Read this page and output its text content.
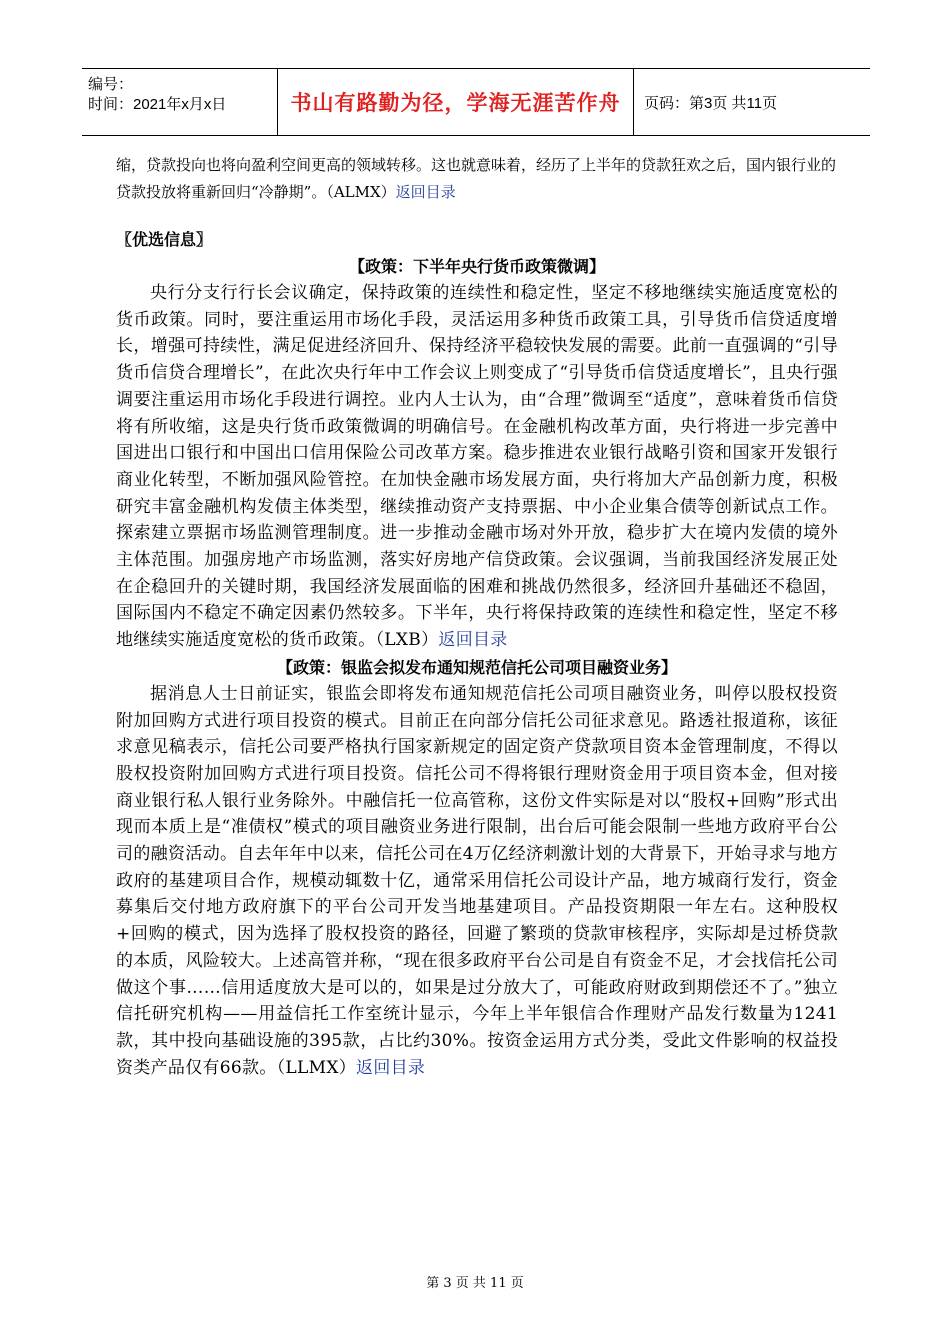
编号：
时间：2021年x月x日	书山有路勤为径，学海无涯苦作舟	页码：第3页 共11页

缩，贷款投向也将向盈利空间更高的领域转移。这也就意味着，经历了上半年的贷款狂欢之后，国内银行业的贷款投放将重新回归“冷静期”。（ALMX）返回目录

〖优选信息〗
【政策：下半年央行货币政策微调】

央行分支行行长会议确定，保持政策的连续性和稳定性，坚定不移地继续实施适度宽松的货币政策。同时，要注重运用市场化手段，灵活运用多种货币政策工具，引导货币信贷适度增长，增强可持续性，满足促进经济回升、保持经济平稳较快发展的需要。此前一直强调的“引导货币信贷合理增长”，在此次央行年中工作会议上则变成了“引导货币信贷适度增长”，且央行强调要注重运用市场化手段进行调控。业内人士认为，由“合理”微调至“适度”，意味着货币信贷将有所收缩，这是央行货币政策微调的明确信号。在金融机构改革方面，央行将进一步完善中国进出口银行和中国出口信用保险公司改革方案。稳步推进农业银行战略引资和国家开发银行商业化转型，不断加强风险管控。在加快金融市场发展方面，央行将加大产品创新力度，积极研究丰富金融机构发债主体类型，继续推动资产支持票据、中小企业集合债等创新试点工作。探索建立票据市场监测管理制度。进一步推动金融市场对外开放，稳步扩大在境内发债的境外主体范围。加强房地产市场监测，落实好房地产信贷政策。会议强调，当前我国经济发展正处在企稳回升的关键时期，我国经济发展面临的困难和挑战仍然很多，经济回升基础还不稳固，国际国内不稳定不确定因素仍然较多。下半年，央行将保持政策的连续性和稳定性，坚定不移地继续实施适度宽松的货币政策。（LXB）返回目录

【政策：银监会拟发布通知规范信托公司项目融资业务】

据消息人士日前证实，银监会即将发布通知规范信托公司项目融资业务，叫停以股权投资附加回购方式进行项目投资的模式。目前正在向部分信托公司征求意见。路透社报道称，该征求意见稿表示，信托公司要严格执行国家新规定的固定资产贷款项目资本金管理制度，不得以股权投资附加回购方式进行项目投资。信托公司不得将银行理财资金用于项目资本金，但对接商业银行私人银行业务除外。中融信托一位高管称，这份文件实际是对以“股权+回购”形式出现而本质上是“准债权”模式的项目融资业务进行限制，出台后可能会限制一些地方政府平台公司的融资活动。自去年年中以来，信托公司在4万亿经济刺激计划的大背景下，开始寻求与地方政府的基建项目合作，规模动辄数十亿，通常采用信托公司设计产品，地方城商行发行，资金募集后交付地方政府旗下的平台公司开发当地基建项目。产品投资期限一年左右。这种股权+回购的模式，因为选择了股权投资的路径，回避了繁琐的贷款审核程序，实际却是过桥贷款的本质，风险较大。上述高管并称，“现在很多政府平台公司是自有资金不足，才会找信托公司做这个事……信用适度放大是可以的，如果是过分放大了，可能政府财政到期偿还不了。”独立信托研究机构——用益信托工作室统计显示，今年上半年银信合作理财产品发行数量为1241款，其中投向基础设施的395款，占比约30%。按资金运用方式分类，受此文件影响的权益投资类产品仅有66款。（LLMX）返回目录

第 3 页 共 11 页
